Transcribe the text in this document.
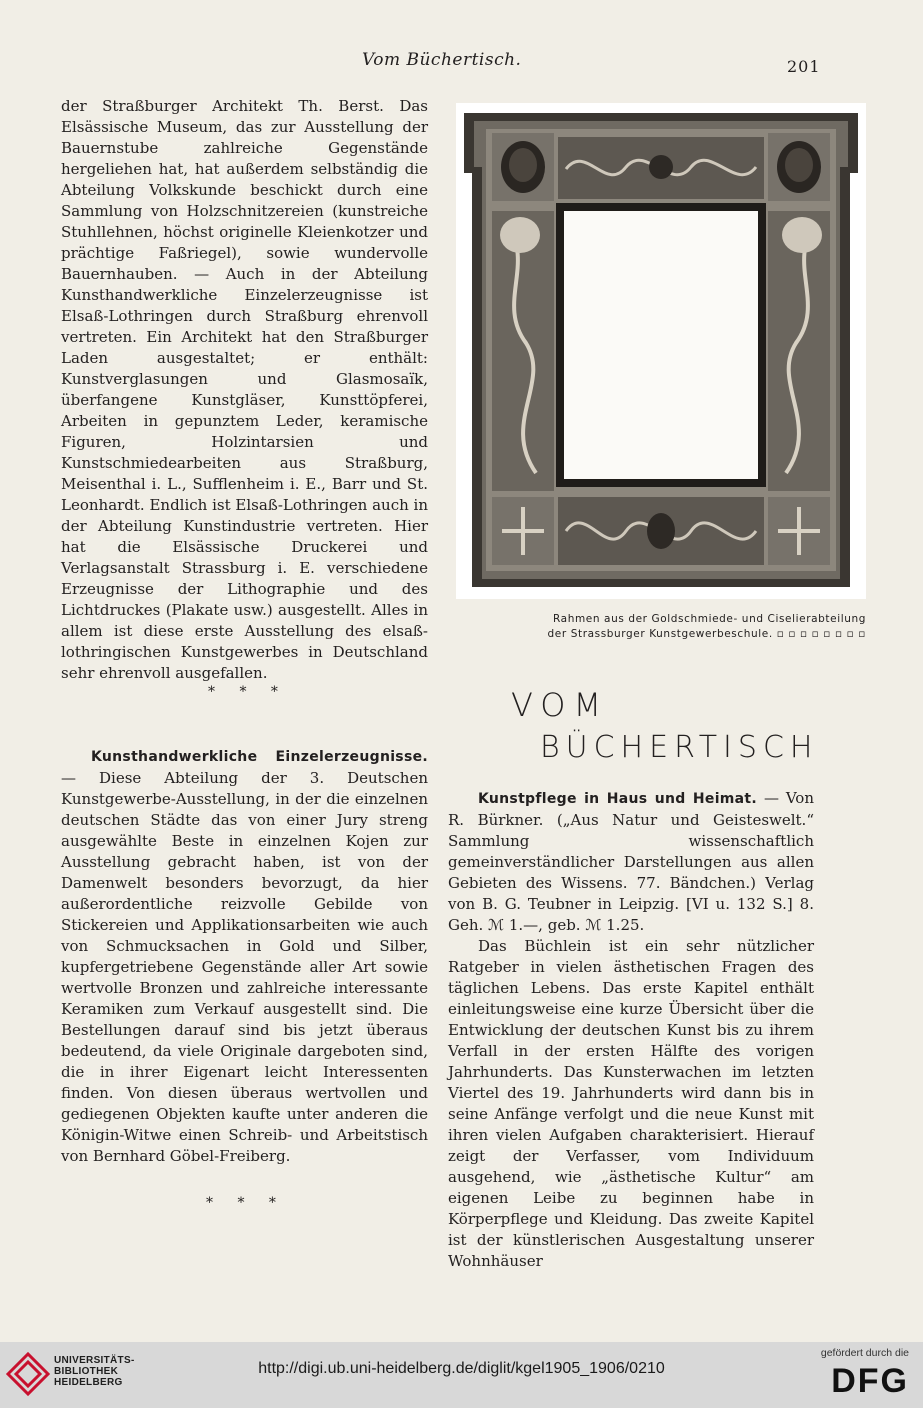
Vom Büchertisch.	201

der Straßburger Architekt Th. Berst. Das Elsässische Museum, das zur Ausstellung der Bauernstube zahlreiche Gegenstände hergeliehen hat, hat außerdem selbständig die Abteilung Volkskunde beschickt durch eine Sammlung von Holzschnitzereien (kunstreiche Stuhllehnen, höchst originelle Kleienkotzer und prächtige Faßriegel), sowie wundervolle Bauernhauben. — Auch in der Abteilung Kunsthandwerkliche Einzelerzeugnisse ist Elsaß-Lothringen durch Straßburg ehrenvoll vertreten. Ein Architekt hat den Straßburger Laden ausgestaltet; er enthält: Kunstverglasungen und Glasmosaïk, überfangene Kunstgläser, Kunsttöpferei, Arbeiten in gepunztem Leder, keramische Figuren, Holzintarsien und Kunstschmiedearbeiten aus Straßburg, Meisenthal i. L., Sufflenheim i. E., Barr und St. Leonhardt. Endlich ist Elsaß-Lothringen auch in der Abteilung Kunstindustrie vertreten. Hier hat die Elsässische Druckerei und Verlagsanstalt Strassburg i. E. verschiedene Erzeugnisse der Lithographie und des Lichtdruckes (Plakate usw.) ausgestellt. Alles in allem ist diese erste Ausstellung des elsaß-lothringischen Kunstgewerbes in Deutschland sehr ehrenvoll ausgefallen.

* * *

Kunsthandwerkliche Einzelerzeugnisse. — Diese Abteilung der 3. Deutschen Kunstgewerbe-Ausstellung, in der die einzelnen deutschen Städte das von einer Jury streng ausgewählte Beste in einzelnen Kojen zur Ausstellung gebracht haben, ist von der Damenwelt besonders bevorzugt, da hier außerordentliche reizvolle Gebilde von Stickereien und Applikationsarbeiten wie auch von Schmucksachen in Gold und Silber, kupfergetriebene Gegenstände aller Art sowie wertvolle Bronzen und zahlreiche interessante Keramiken zum Verkauf ausgestellt sind. Die Bestellungen darauf sind bis jetzt überaus bedeutend, da viele Originale dargeboten sind, die in ihrer Eigenart leicht Interessenten finden. Von diesen überaus wertvollen und gediegenen Objekten kaufte unter anderen die Königin-Witwe einen Schreib- und Arbeitstisch von Bernhard Göbel-Freiberg.

* * *
Rahmen aus der Goldschmiede- und Ciselierabteilung
der Strassburger Kunstgewerbeschule. ▫ ▫ ▫ ▫ ▫ ▫ ▫ ▫
VOM
BÜCHERTISCH

Kunstpflege in Haus und Heimat. — Von R. Bürkner. („Aus Natur und Geisteswelt.“ Sammlung wissenschaftlich gemeinverständlicher Darstellungen aus allen Gebieten des Wissens. 77. Bändchen.) Verlag von B. G. Teubner in Leipzig. [VI u. 132 S.] 8. Geh. ℳ 1.—, geb. ℳ 1.25.

Das Büchlein ist ein sehr nützlicher Ratgeber in vielen ästhetischen Fragen des täglichen Lebens. Das erste Kapitel enthält einleitungsweise eine kurze Übersicht über die Entwicklung der deutschen Kunst bis zu ihrem Verfall in der ersten Hälfte des vorigen Jahrhunderts. Das Kunsterwachen im letzten Viertel des 19. Jahrhunderts wird dann bis in seine Anfänge verfolgt und die neue Kunst mit ihren vielen Aufgaben charakterisiert. Hierauf zeigt der Verfasser, vom Individuum ausgehend, wie „ästhetische Kultur“ am eigenen Leibe zu beginnen habe in Körperpflege und Kleidung. Das zweite Kapitel ist der künstlerischen Ausgestaltung unserer Wohnhäuser

UNIVERSITÄTS-
BIBLIOTHEK
HEIDELBERG
http://digi.ub.uni-heidelberg.de/diglit/kgel1905_1906/0210
gefördert durch die
DFG
